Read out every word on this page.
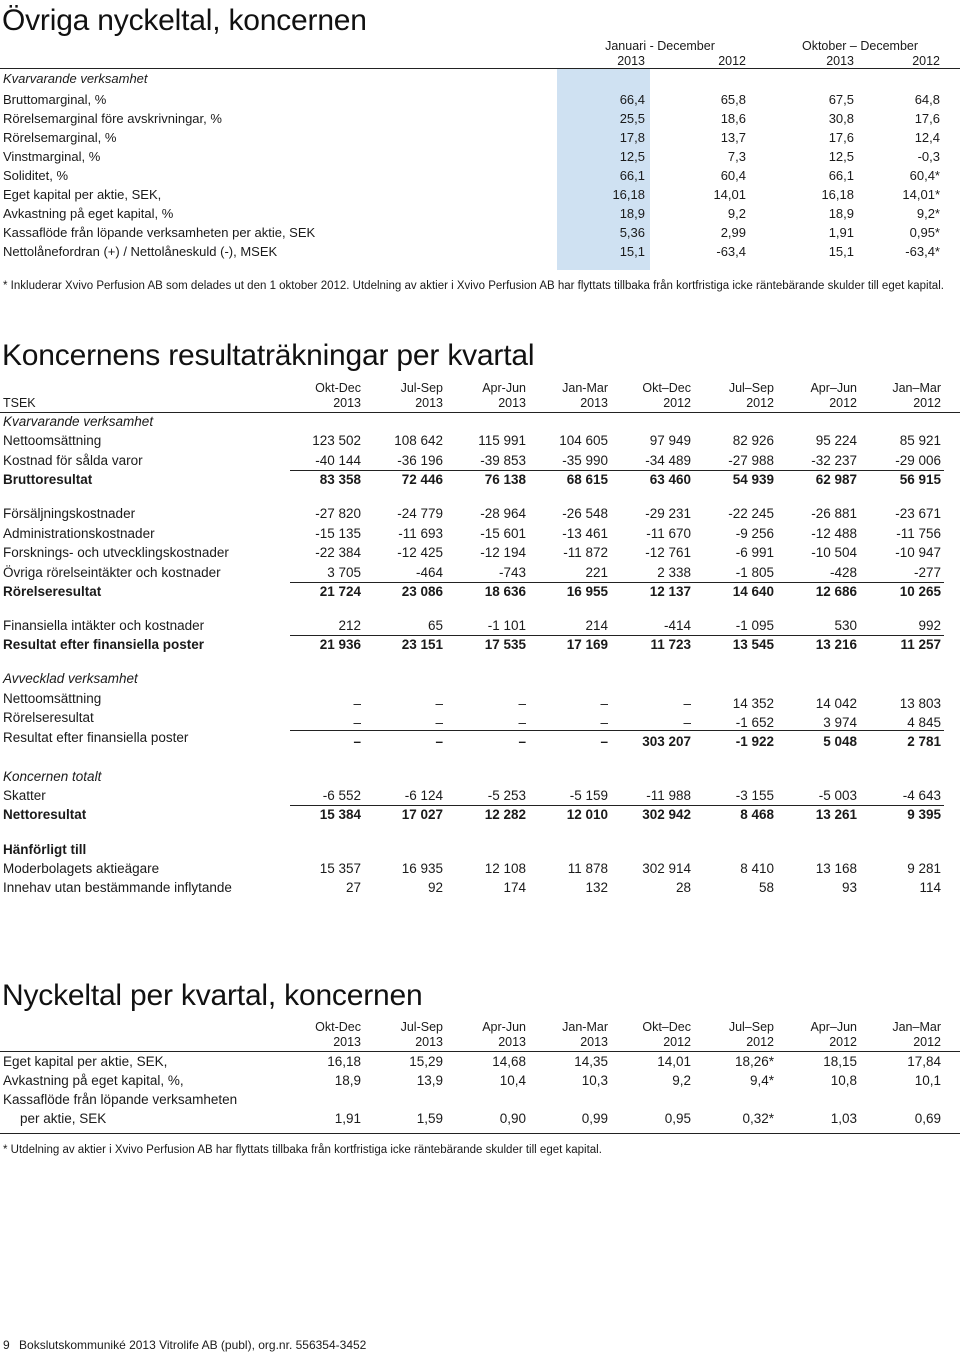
Övriga nyckeltal, koncernen
Januari - December	Oktober – December
2013	2012	2013	2012
Kvarvarande verksamhet
Bruttomarginal, %	66,4	65,8	67,5	64,8
Rörelsemarginal före avskrivningar, %	25,5	18,6	30,8	17,6
Rörelsemarginal, %	17,8	13,7	17,6	12,4
Vinstmarginal, %	12,5	7,3	12,5	-0,3
Soliditet, %	66,1	60,4	66,1	60,4*
Eget kapital per aktie, SEK,	16,18	14,01	16,18	14,01*
Avkastning på eget kapital, %	18,9	9,2	18,9	9,2*
Kassaflöde från löpande verksamheten per aktie, SEK	5,36	2,99	1,91	0,95*
Nettolånefordran (+) / Nettolåneskuld (-), MSEK	15,1	-63,4	15,1	-63,4*
* Inkluderar Xvivo Perfusion AB som delades ut den 1 oktober 2012. Utdelning av aktier i Xvivo Perfusion AB har flyttats tillbaka från kortfristiga icke räntebärande skulder till eget kapital.
Koncernens resultaträkningar per kvartal
Okt-Dec	Jul-Sep	Apr-Jun	Jan-Mar	Okt–Dec	Jul–Sep	Apr–Jun	Jan–Mar
TSEK	2013	2013	2013	2013	2012	2012	2012	2012
Kvarvarande verksamhet
Nettoomsättning	123 502	108 642	115 991	104 605	97 949	82 926	95 224	85 921
Kostnad för sålda varor	-40 144	-36 196	-39 853	-35 990	-34 489	-27 988	-32 237	-29 006
Bruttoresultat	83 358	72 446	76 138	68 615	63 460	54 939	62 987	56 915
Försäljningskostnader	-27 820	-24 779	-28 964	-26 548	-29 231	-22 245	-26 881	-23 671
Administrationskostnader	-15 135	-11 693	-15 601	-13 461	-11 670	-9 256	-12 488	-11 756
Forsknings- och utvecklingskostnader	-22 384	-12 425	-12 194	-11 872	-12 761	-6 991	-10 504	-10 947
Övriga rörelseintäkter och kostnader	3 705	-464	-743	221	2 338	-1 805	-428	-277
Rörelseresultat	21 724	23 086	18 636	16 955	12 137	14 640	12 686	10 265
Finansiella intäkter och kostnader	212	65	-1 101	214	-414	-1 095	530	992
Resultat efter finansiella poster	21 936	23 151	17 535	17 169	11 723	13 545	13 216	11 257
Avvecklad verksamhet
Nettoomsättning	–	–	–	–	–	14 352	14 042	13 803
Rörelseresultat	–	–	–	–	–	-1 652	3 974	4 845
Resultat efter finansiella poster	–	–	–	–	303 207	-1 922	5 048	2 781
Koncernen totalt
Skatter	-6 552	-6 124	-5 253	-5 159	-11 988	-3 155	-5 003	-4 643
Nettoresultat	15 384	17 027	12 282	12 010	302 942	8 468	13 261	9 395
Hänförligt till
Moderbolagets aktieägare	15 357	16 935	12 108	11 878	302 914	8 410	13 168	9 281
Innehav utan bestämmande inflytande	27	92	174	132	28	58	93	114
Nyckeltal per kvartal, koncernen
Okt-Dec	Jul-Sep	Apr-Jun	Jan-Mar	Okt–Dec	Jul–Sep	Apr–Jun	Jan–Mar
2013	2013	2013	2013	2012	2012	2012	2012
Eget kapital per aktie, SEK,	16,18	15,29	14,68	14,35	14,01	18,26*	18,15	17,84
Avkastning på eget kapital, %,	18,9	13,9	10,4	10,3	9,2	9,4*	10,8	10,1
Kassaflöde från löpande verksamheten
per aktie, SEK	1,91	1,59	0,90	0,99	0,95	0,32*	1,03	0,69
* Utdelning av aktier i Xvivo Perfusion AB har flyttats tillbaka från kortfristiga icke räntebärande skulder till eget kapital.
9 Bokslutskommuniké 2013 Vitrolife AB (publ), org.nr. 556354-3452
